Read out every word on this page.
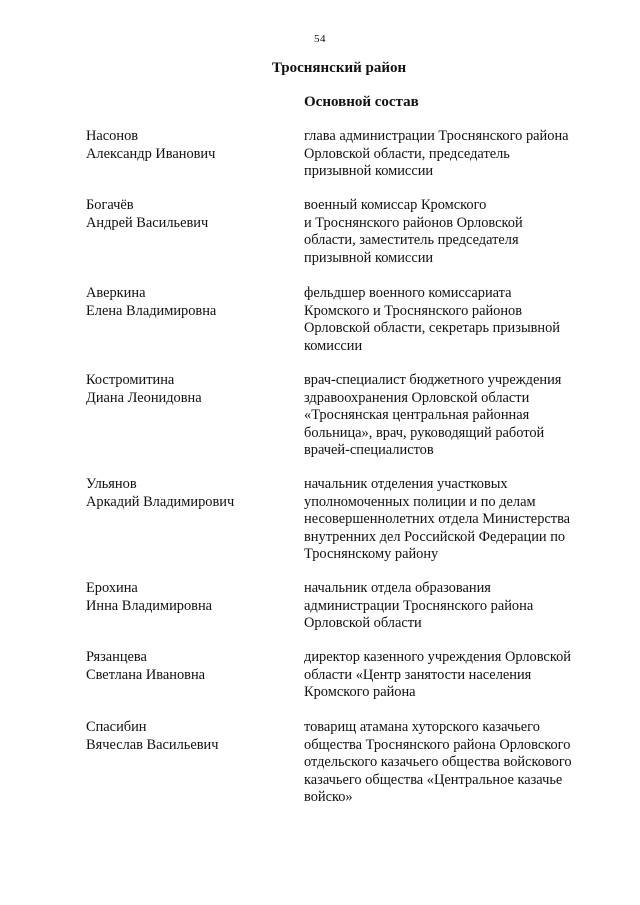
54
Троснянский район
Основной состав
Насонов
Александр Иванович
глава администрации Троснянского района
Орловской области, председатель
призывной комиссии
Богачёв
Андрей Васильевич
военный комиссар Кромского
и Троснянского районов Орловской
области, заместитель председателя
призывной комиссии
Аверкина
Елена Владимировна
фельдшер военного комиссариата
Кромского и Троснянского районов
Орловской области, секретарь призывной
комиссии
Костромитина
Диана Леонидовна
врач-специалист бюджетного учреждения
здравоохранения Орловской области
«Троснянская центральная районная
больница», врач, руководящий работой
врачей-специалистов
Ульянов
Аркадий Владимирович
начальник отделения участковых
уполномоченных полиции и по делам
несовершеннолетних отдела Министерства
внутренних дел Российской Федерации по
Троснянскому району
Ерохина
Инна Владимировна
начальник отдела образования
администрации Троснянского района
Орловской области
Рязанцева
Светлана Ивановна
директор казенного учреждения Орловской
области «Центр занятости населения
Кромского района
Спасибин
Вячеслав Васильевич
товарищ атамана хуторского казачьего
общества Троснянского района Орловского
отдельского казачьего общества войскового
казачьего общества «Центральное казачье
войско»
